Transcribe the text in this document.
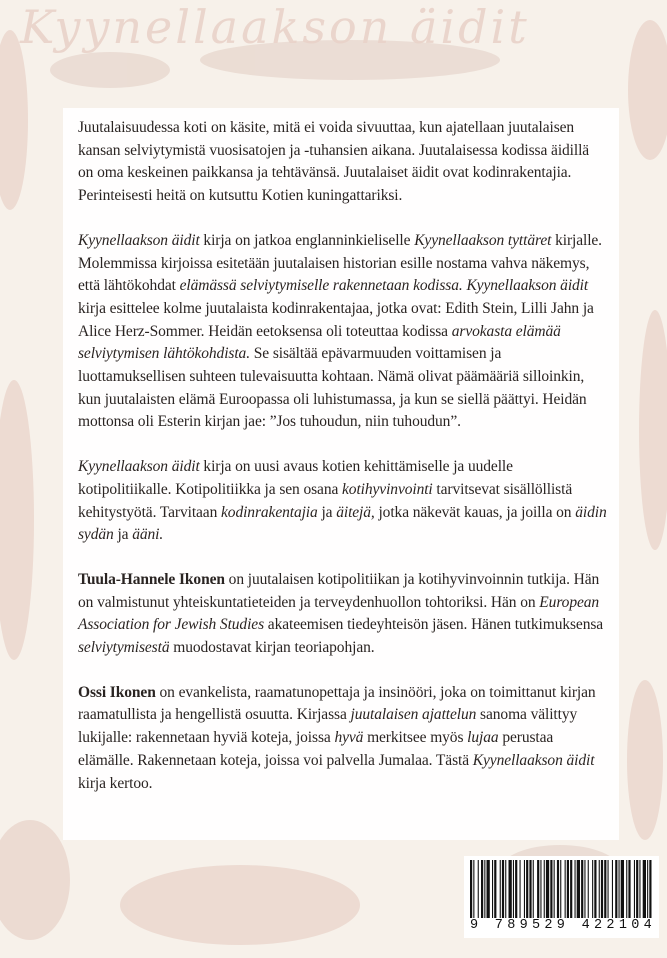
Kyynellaakson äidit

Juutalaisuudessa koti on käsite, mitä ei voida sivuuttaa, kun ajatellaan juutalaisen kansan selviytymistä vuosisatojen ja -tuhansien aikana. Juutalaisessa kodissa äidillä on oma keskeinen paikkansa ja tehtävänsä. Juutalaiset äidit ovat kodinrakentajia. Perinteisesti heitä on kutsuttu Kotien kuningattariksi.

Kyynellaakson äidit kirja on jatkoa englanninkieliselle Kyynellaakson tyttäret kirjalle. Molemmissa kirjoissa esitetään juutalaisen historian esille nostama vahva näkemys, että lähtökohdat elämässä selviytymiselle rakennetaan kodissa. Kyynellaakson äidit kirja esittelee kolme juutalaista kodinrakentajaa, jotka ovat: Edith Stein, Lilli Jahn ja Alice Herz-Sommer. Heidän eetoksensa oli toteuttaa kodissa arvokasta elämää selviytymisen lähtökohdista. Se sisältää epävarmuuden voittamisen ja luottamuksellisen suhteen tulevaisuutta kohtaan. Nämä olivat päämääriä silloinkin, kun juutalaisten elämä Euroopassa oli luhistumassa, ja kun se siellä päättyi. Heidän mottonsa oli Esterin kirjan jae: ”Jos tuhoudun, niin tuhoudun”.

Kyynellaakson äidit kirja on uusi avaus kotien kehittämiselle ja uudelle kotipolitiikalle. Kotipolitiikka ja sen osana kotihyvinvointi tarvitsevat sisällöllistä kehitystyötä. Tarvitaan kodinrakentajia ja äitejä, jotka näkevät kauas, ja joilla on äidin sydän ja ääni.

Tuula-Hannele Ikonen on juutalaisen kotipolitiikan ja kotihyvinvoinnin tutkija. Hän on valmistunut yhteiskuntatieteiden ja terveydenhuollon tohtoriksi. Hän on European Association for Jewish Studies akateemisen tiedeyhteisön jäsen. Hänen tutkimuksensa selviytymisestä muodostavat kirjan teoriapohjan.

Ossi Ikonen on evankelista, raamatunopettaja ja insinööri, joka on toimittanut kirjan raamatullista ja hengellistä osuutta. Kirjassa juutalaisen ajattelun sanoma välittyy lukijalle: rakennetaan hyviä koteja, joissa hyvä merkitsee myös lujaa perustaa elämälle. Rakennetaan koteja, joissa voi palvella Jumalaa. Tästä Kyynellaakson äidit kirja kertoo.

9 789529 422104
